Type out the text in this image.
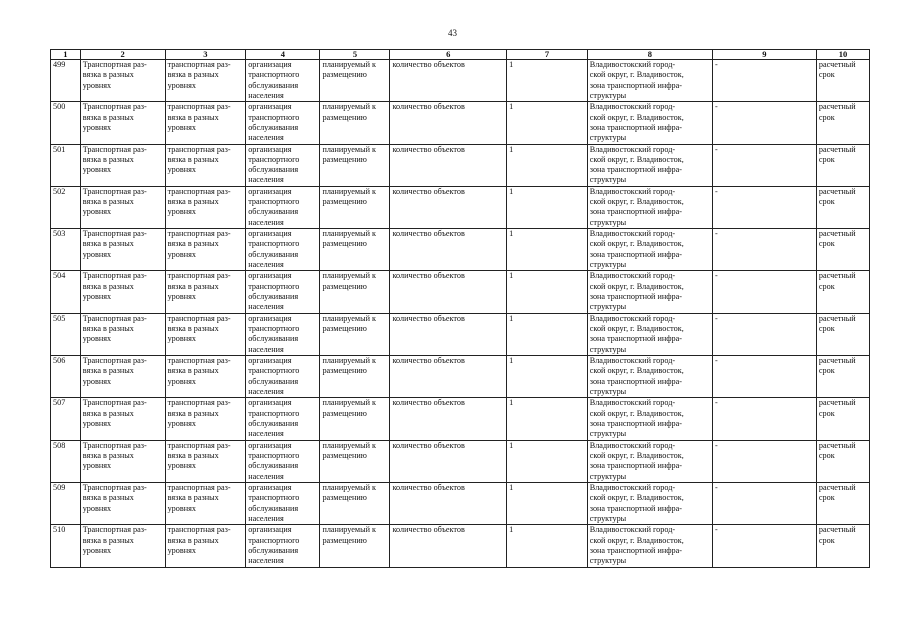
43
1	2	3	4	5	6	7	8	9	10

499	Транспортная раз-
вязка в разных
уровнях	транспортная раз-
вязка в разных
уровнях	организация
транспортного
обслуживания
населения	планируемый к
размещению	количество объектов	1	Владивостокский город-
ской округ, г. Владивосток,
зона транспортной инфра-
структуры	-	расчетный
срок

500	Транспортная раз-
вязка в разных
уровнях	транспортная раз-
вязка в разных
уровнях	организация
транспортного
обслуживания
населения	планируемый к
размещению	количество объектов	1	Владивостокский город-
ской округ, г. Владивосток,
зона транспортной инфра-
структуры	-	расчетный
срок

501	Транспортная раз-
вязка в разных
уровнях	транспортная раз-
вязка в разных
уровнях	организация
транспортного
обслуживания
населения	планируемый к
размещению	количество объектов	1	Владивостокский город-
ской округ, г. Владивосток,
зона транспортной инфра-
структуры	-	расчетный
срок

502	Транспортная раз-
вязка в разных
уровнях	транспортная раз-
вязка в разных
уровнях	организация
транспортного
обслуживания
населения	планируемый к
размещению	количество объектов	1	Владивостокский город-
ской округ, г. Владивосток,
зона транспортной инфра-
структуры	-	расчетный
срок

503	Транспортная раз-
вязка в разных
уровнях	транспортная раз-
вязка в разных
уровнях	организация
транспортного
обслуживания
населения	планируемый к
размещению	количество объектов	1	Владивостокский город-
ской округ, г. Владивосток,
зона транспортной инфра-
структуры	-	расчетный
срок

504	Транспортная раз-
вязка в разных
уровнях	транспортная раз-
вязка в разных
уровнях	организация
транспортного
обслуживания
населения	планируемый к
размещению	количество объектов	1	Владивостокский город-
ской округ, г. Владивосток,
зона транспортной инфра-
структуры	-	расчетный
срок

505	Транспортная раз-
вязка в разных
уровнях	транспортная раз-
вязка в разных
уровнях	организация
транспортного
обслуживания
населения	планируемый к
размещению	количество объектов	1	Владивостокский город-
ской округ, г. Владивосток,
зона транспортной инфра-
структуры	-	расчетный
срок

506	Транспортная раз-
вязка в разных
уровнях	транспортная раз-
вязка в разных
уровнях	организация
транспортного
обслуживания
населения	планируемый к
размещению	количество объектов	1	Владивостокский город-
ской округ, г. Владивосток,
зона транспортной инфра-
структуры	-	расчетный
срок

507	Транспортная раз-
вязка в разных
уровнях	транспортная раз-
вязка в разных
уровнях	организация
транспортного
обслуживания
населения	планируемый к
размещению	количество объектов	1	Владивостокский город-
ской округ, г. Владивосток,
зона транспортной инфра-
структуры	-	расчетный
срок

508	Транспортная раз-
вязка в разных
уровнях	транспортная раз-
вязка в разных
уровнях	организация
транспортного
обслуживания
населения	планируемый к
размещению	количество объектов	1	Владивостокский город-
ской округ, г. Владивосток,
зона транспортной инфра-
структуры	-	расчетный
срок

509	Транспортная раз-
вязка в разных
уровнях	транспортная раз-
вязка в разных
уровнях	организация
транспортного
обслуживания
населения	планируемый к
размещению	количество объектов	1	Владивостокский город-
ской округ, г. Владивосток,
зона транспортной инфра-
структуры	-	расчетный
срок

510	Транспортная раз-
вязка в разных
уровнях	транспортная раз-
вязка в разных
уровнях	организация
транспортного
обслуживания
населения	планируемый к
размещению	количество объектов	1	Владивостокский город-
ской округ, г. Владивосток,
зона транспортной инфра-
структуры	-	расчетный
срок
